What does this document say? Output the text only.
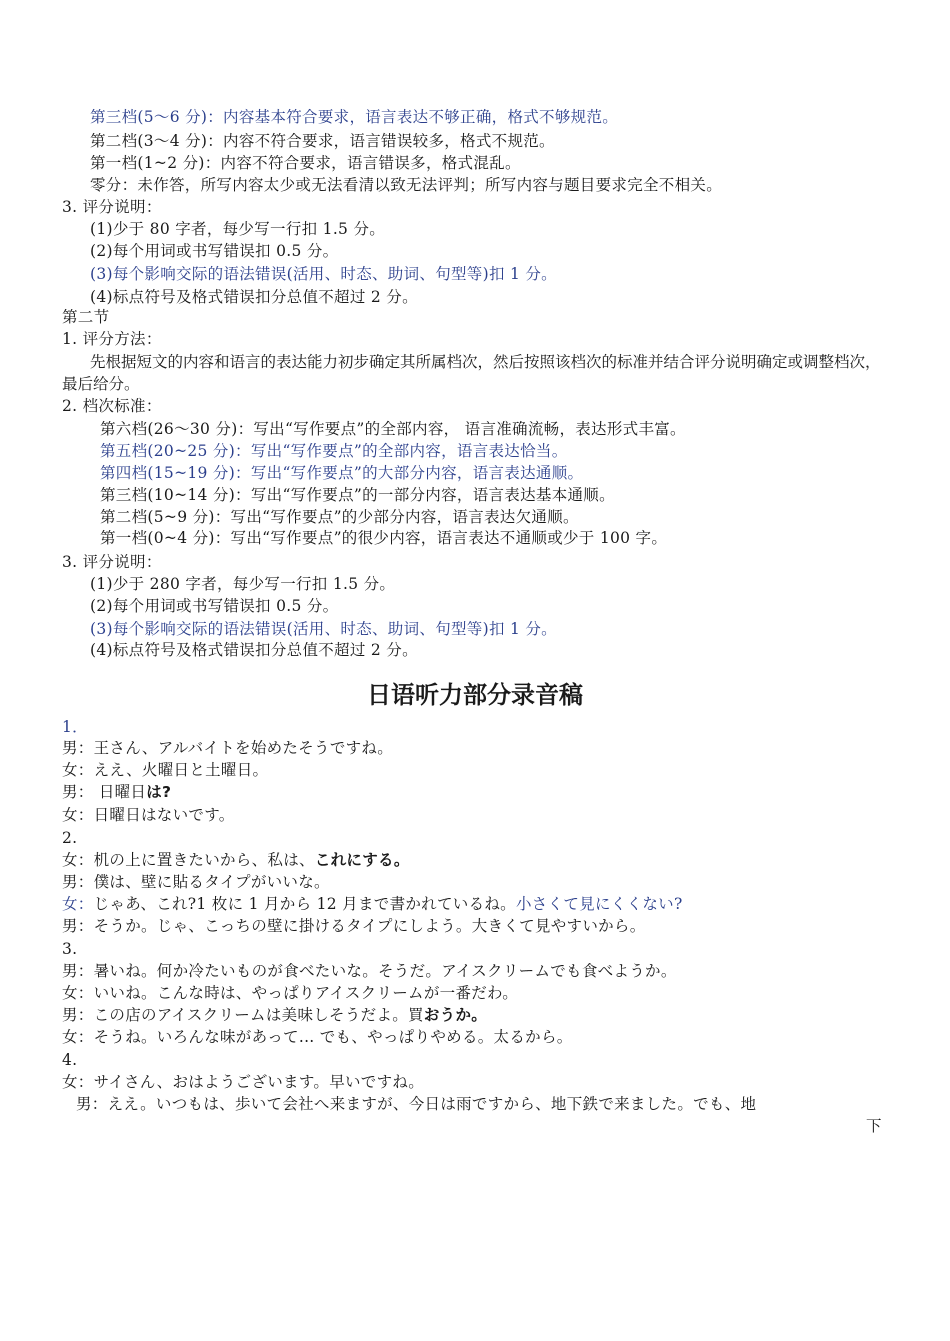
第三档(5～6 分)：内容基本符合要求，语言表达不够正确，格式不够规范。
第二档(3～4 分)：内容不符合要求，语言错误较多，格式不规范。
第一档(1~2 分)：内容不符合要求，语言错误多，格式混乱。
零分：未作答，所写内容太少或无法看清以致无法评判；所写内容与题目要求完全不相关。
3. 评分说明：
(1)少于 80 字者，每少写一行扣 1.5 分。
(2)每个用词或书写错误扣 0.5 分。
(3)每个影响交际的语法错误(活用、时态、助词、句型等)扣 1 分。
(4)标点符号及格式错误扣分总值不超过 2 分。
第二节
1. 评分方法：
先根据短文的内容和语言的表达能力初步确定其所属档次，然后按照该档次的标准并结合评分说明确定或调整档次，最后给分。
2. 档次标准：
第六档(26～30 分)：写出“写作要点”的全部内容， 语言准确流畅，表达形式丰富。
第五档(20~25 分)：写出“写作要点”的全部内容，语言表达恰当。
第四档(15~19 分)：写出“写作要点”的大部分内容，语言表达通顺。
第三档(10~14 分)：写出“写作要点”的一部分内容，语言表达基本通顺。
第二档(5~9 分)：写出“写作要点”的少部分内容，语言表达欠通顺。
第一档(0~4 分)：写出“写作要点”的很少内容，语言表达不通顺或少于 100 字。
3. 评分说明：
(1)少于 280 字者，每少写一行扣 1.5 分。
(2)每个用词或书写错误扣 0.5 分。
(3)每个影响交际的语法错误(活用、时态、助词、句型等)扣 1 分。
(4)标点符号及格式错误扣分总值不超过 2 分。
日语听力部分录音稿
1．
男：王さん、アルバイトを始めたそうですね。
女：ええ、火曜日と土曜日。
男： 日曜日は?
女：日曜日はないです。
2.
女：机の上に置きたいから、私は、これにする。
男：僕は、壁に貼るタイプがいいな。
女：じゃあ、これ?1 枚に 1 月から 12 月まで書かれているね。小さくて見にくくない?
男：そうか。じゃ、こっちの壁に掛けるタイプにしよう。大きくて見やすいから。
3.
男：暑いね。何か冷たいものが食べたいな。そうだ。アイスクリームでも食べようか。
女：いいね。こんな時は、やっぱりアイスクリームが一番だわ。
男：この店のアイスクリームは美味しそうだよ。買おうか。
女：そうね。いろんな味があって... でも、やっぱりやめる。太るから。
4.
女：サイさん、おはようございます。早いですね。
男：ええ。いつもは、歩いて会社へ来ますが、今日は雨ですから、地下鉄で来ました。でも、地
下
